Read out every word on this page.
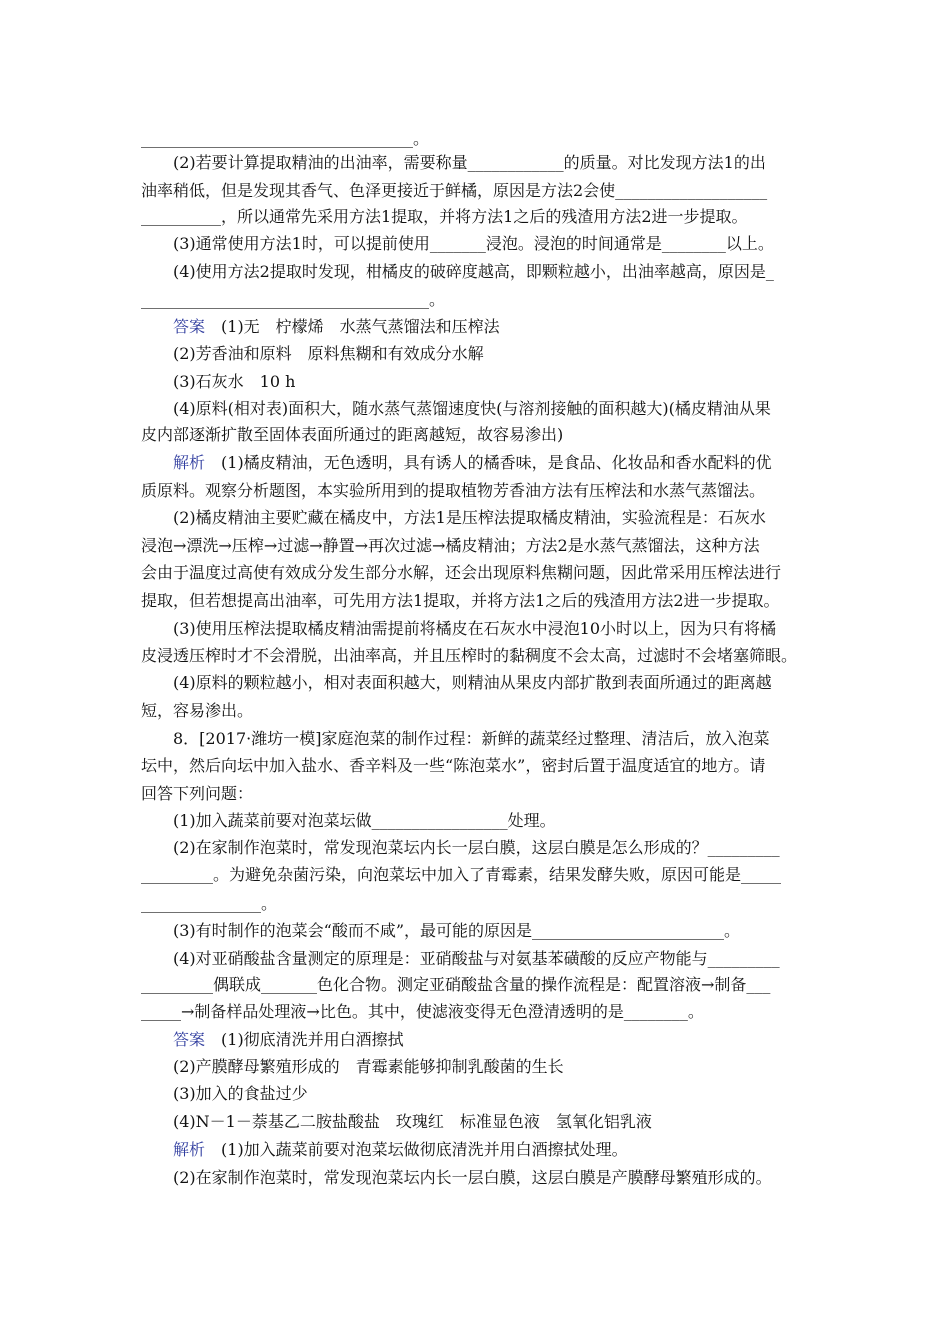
__________________________________。
(2)若要计算提取精油的出油率，需要称量____________的质量。对比发现方法1的出
油率稍低，但是发现其香气、色泽更接近于鲜橘，原因是方法2会使___________________
__________，所以通常先采用方法1提取，并将方法1之后的残渣用方法2进一步提取。
(3)通常使用方法1时，可以提前使用_______浸泡。浸泡的时间通常是________以上。
(4)使用方法2提取时发现，柑橘皮的破碎度越高，即颗粒越小，出油率越高，原因是_
____________________________________。
答案　(1)无　柠檬烯　水蒸气蒸馏法和压榨法
(2)芳香油和原料　原料焦糊和有效成分水解
(3)石灰水　10 h
(4)原料(相对表)面积大，随水蒸气蒸馏速度快(与溶剂接触的面积越大)(橘皮精油从果
皮内部逐渐扩散至固体表面所通过的距离越短，故容易渗出)
解析　(1)橘皮精油，无色透明，具有诱人的橘香味，是食品、化妆品和香水配料的优
质原料。观察分析题图，本实验所用到的提取植物芳香油方法有压榨法和水蒸气蒸馏法。
(2)橘皮精油主要贮藏在橘皮中，方法1是压榨法提取橘皮精油，实验流程是：石灰水
浸泡→漂洗→压榨→过滤→静置→再次过滤→橘皮精油；方法2是水蒸气蒸馏法，这种方法
会由于温度过高使有效成分发生部分水解，还会出现原料焦糊问题，因此常采用压榨法进行
提取，但若想提高出油率，可先用方法1提取，并将方法1之后的残渣用方法2进一步提取。
(3)使用压榨法提取橘皮精油需提前将橘皮在石灰水中浸泡10小时以上，因为只有将橘
皮浸透压榨时才不会滑脱，出油率高，并且压榨时的黏稠度不会太高，过滤时不会堵塞筛眼。
(4)原料的颗粒越小，相对表面积越大，则精油从果皮内部扩散到表面所通过的距离越
短，容易渗出。
8．[2017·潍坊一模]家庭泡菜的制作过程：新鲜的蔬菜经过整理、清洁后，放入泡菜
坛中，然后向坛中加入盐水、香辛料及一些“陈泡菜水”，密封后置于温度适宜的地方。请
回答下列问题：
(1)加入蔬菜前要对泡菜坛做_________________处理。
(2)在家制作泡菜时，常发现泡菜坛内长一层白膜，这层白膜是怎么形成的？_________
_________。为避免杂菌污染，向泡菜坛中加入了青霉素，结果发酵失败，原因可能是_____
_______________。
(3)有时制作的泡菜会“酸而不咸”，最可能的原因是________________________。
(4)对亚硝酸盐含量测定的原理是：亚硝酸盐与对氨基苯磺酸的反应产物能与_________
_________偶联成_______色化合物。测定亚硝酸盐含量的操作流程是：配置溶液→制备___
_____→制备样品处理液→比色。其中，使滤液变得无色澄清透明的是________。
答案　(1)彻底清洗并用白酒擦拭
(2)产膜酵母繁殖形成的　青霉素能够抑制乳酸菌的生长
(3)加入的食盐过少
(4)N－1－萘基乙二胺盐酸盐　玫瑰红　标准显色液　氢氧化铝乳液
解析　(1)加入蔬菜前要对泡菜坛做彻底清洗并用白酒擦拭处理。
(2)在家制作泡菜时，常发现泡菜坛内长一层白膜，这层白膜是产膜酵母繁殖形成的。
